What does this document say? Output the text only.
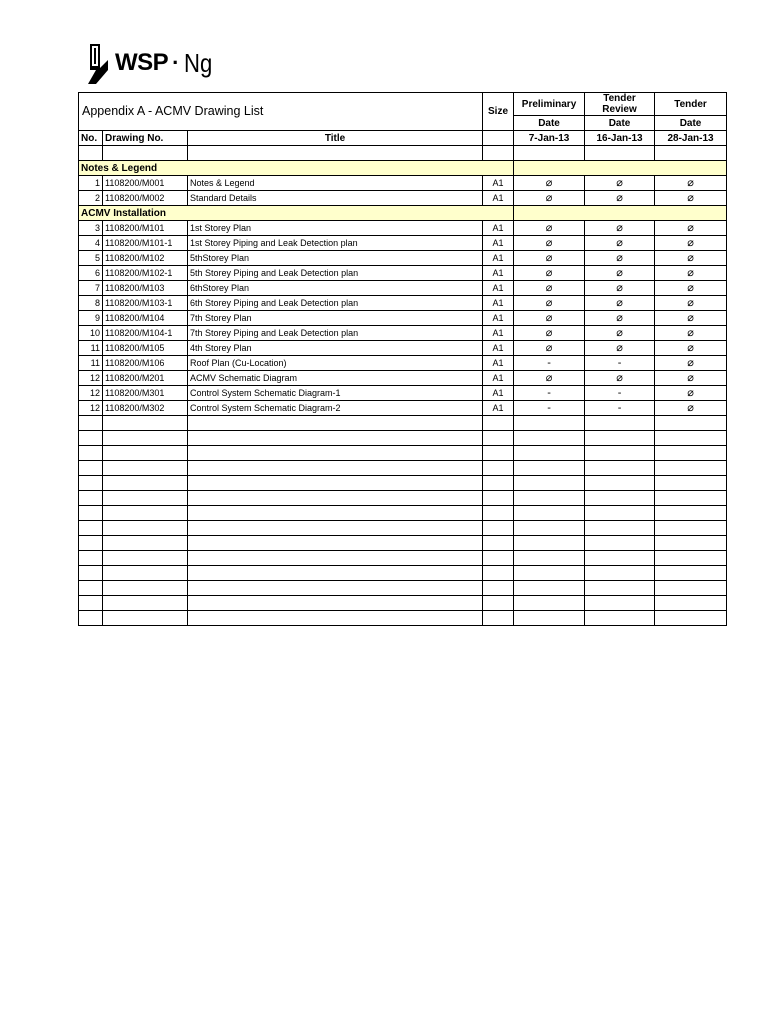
WSP · Ng
Appendix A - ACMV Drawing List			Size	Preliminary	Tender Review	Tender
				Date	Date	Date
No.	Drawing No.	Title		7-Jan-13	16-Jan-13	28-Jan-13

Notes & Legend						
1	1108200/M001	Notes & Legend	A1	⌀	⌀	⌀
2	1108200/M002	Standard Details	A1	⌀	⌀	⌀
ACMV Installation						
3	1108200/M101	1st Storey Plan	A1	⌀	⌀	⌀
4	1108200/M101-1	1st Storey Piping and Leak Detection plan	A1	⌀	⌀	⌀
5	1108200/M102	5thStorey Plan	A1	⌀	⌀	⌀
6	1108200/M102-1	5th Storey Piping and Leak Detection plan	A1	⌀	⌀	⌀
7	1108200/M103	6thStorey Plan	A1	⌀	⌀	⌀
8	1108200/M103-1	6th Storey Piping and Leak Detection plan	A1	⌀	⌀	⌀
9	1108200/M104	7th Storey Plan	A1	⌀	⌀	⌀
10	1108200/M104-1	7th Storey Piping and Leak Detection plan	A1	⌀	⌀	⌀
11	1108200/M105	4th Storey Plan	A1	⌀	⌀	⌀
11	1108200/M106	Roof Plan (Cu-Location)	A1	-	-	⌀
12	1108200/M201	ACMV Schematic Diagram	A1	⌀	⌀	⌀
12	1108200/M301	Control System Schematic Diagram-1	A1	-	-	⌀
12	1108200/M302	Control System Schematic Diagram-2	A1	-	-	⌀
